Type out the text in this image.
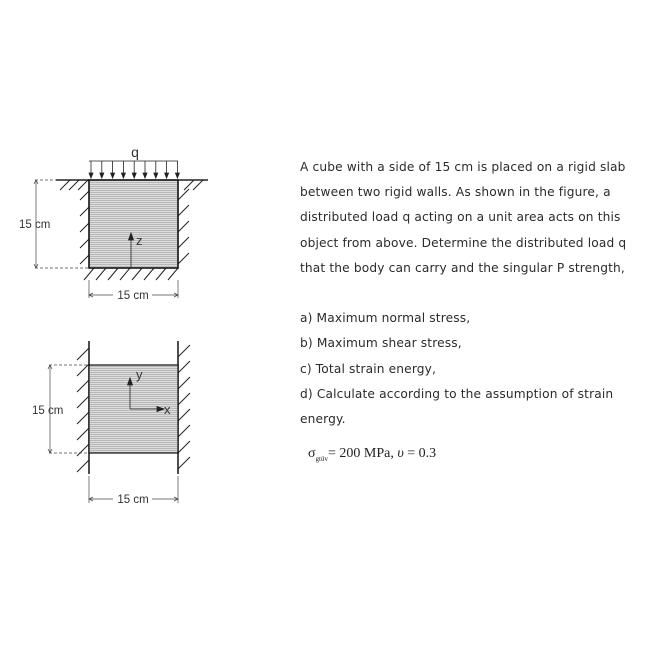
q
z
15 cm
15 cm
y
x
15 cm
15 cm
A cube with a side of 15 cm is placed on a rigid slab
between two rigid walls. As shown in the figure, a
distributed load q acting on a unit area acts on this
object from above. Determine the distributed load q
that the body can carry and the singular P strength,
a) Maximum normal stress,
b) Maximum shear stress,
c) Total strain energy,
d) Calculate according to the assumption of strain
energy.
$\sigma_{gtüv}= 200$ MPa, υ = 0.3
